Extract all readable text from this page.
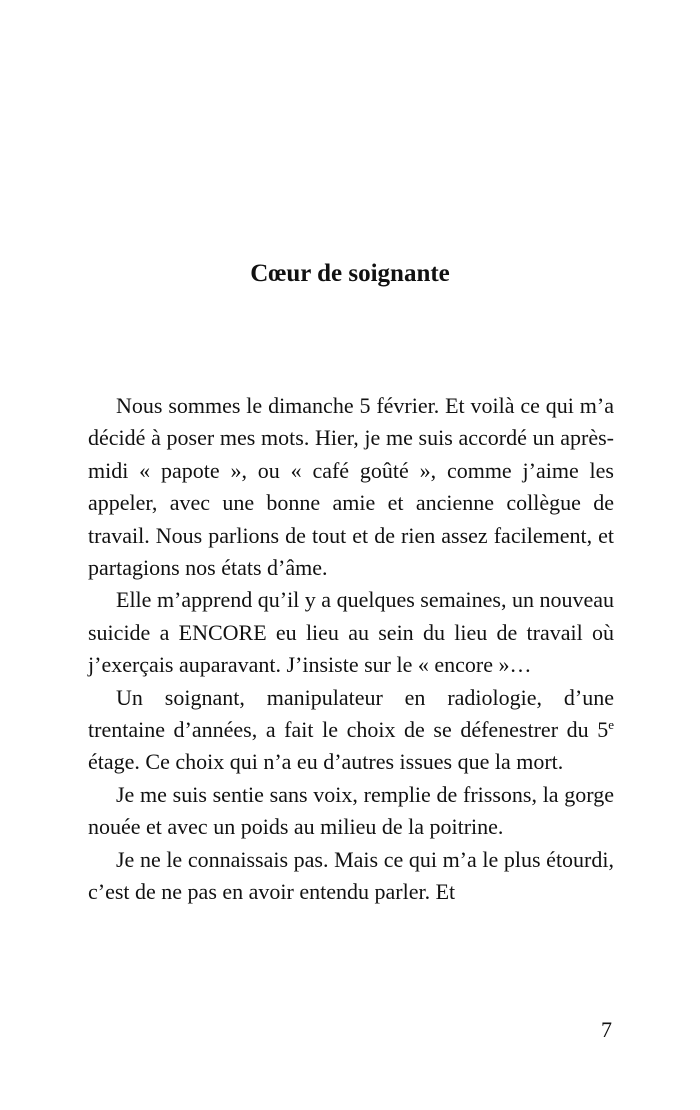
Cœur de soignante

Nous sommes le dimanche 5 février. Et voilà ce qui m’a décidé à poser mes mots. Hier, je me suis accordé un après-midi « papote », ou « café goûté », comme j’aime les appeler, avec une bonne amie et ancienne collègue de travail. Nous parlions de tout et de rien assez facilement, et partagions nos états d’âme.

Elle m’apprend qu’il y a quelques semaines, un nouveau suicide a ENCORE eu lieu au sein du lieu de travail où j’exerçais auparavant. J’insiste sur le « encore »…

Un soignant, manipulateur en radiologie, d’une trentaine d’années, a fait le choix de se défenestrer du 5e étage. Ce choix qui n’a eu d’autres issues que la mort.

Je me suis sentie sans voix, remplie de frissons, la gorge nouée et avec un poids au milieu de la poitrine.

Je ne le connaissais pas. Mais ce qui m’a le plus étourdi, c’est de ne pas en avoir entendu parler. Et

7
